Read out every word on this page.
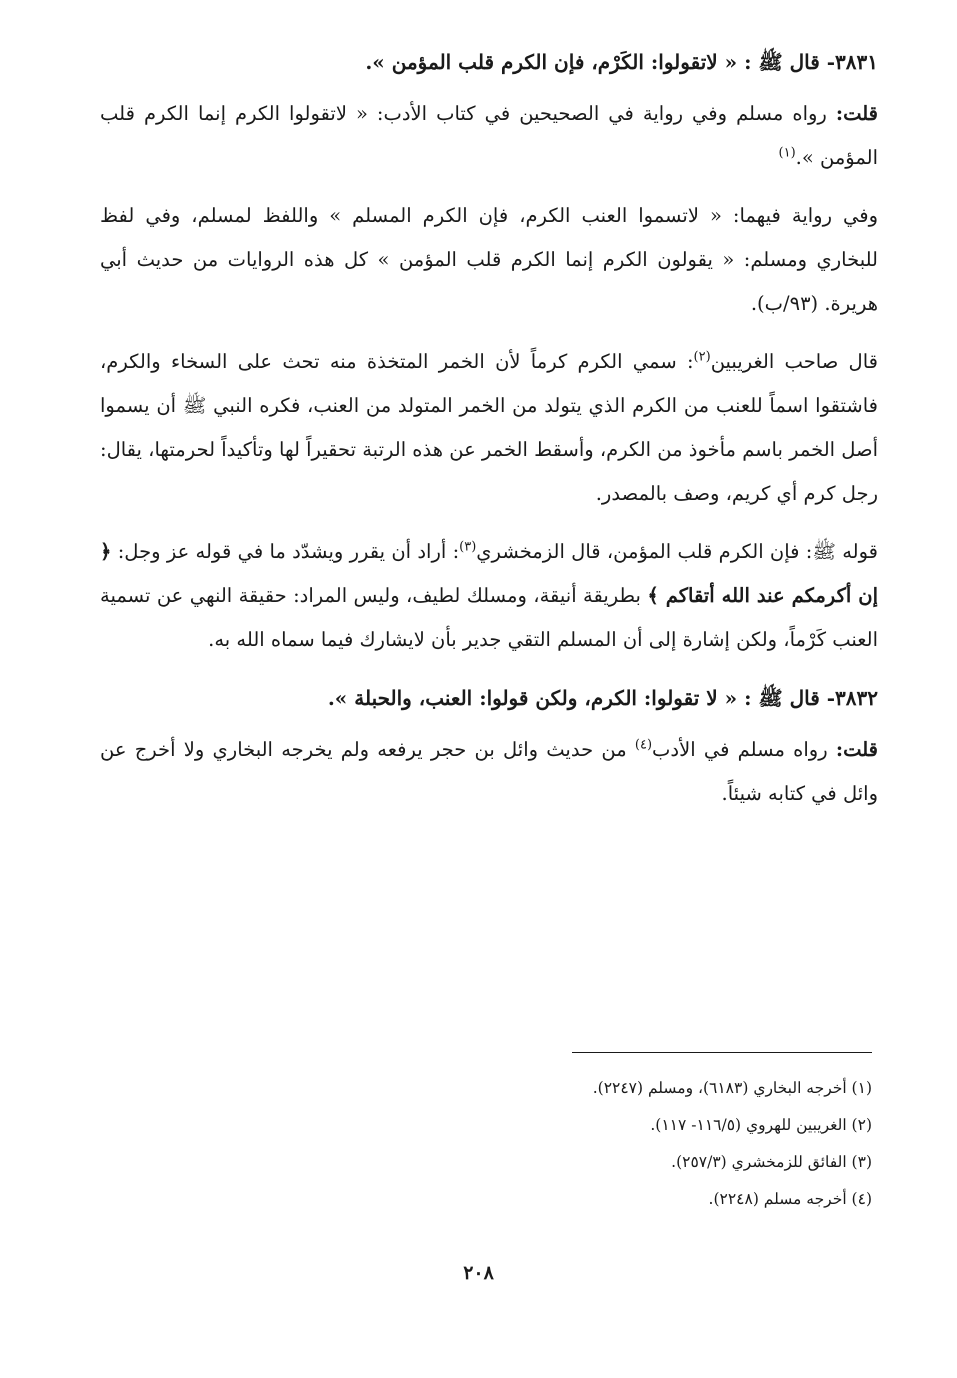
٣٨٣١- قال ﷺ : « لاتقولوا: الكَرْم، فإن الكرم قلب المؤمن ».
قلت: رواه مسلم وفي رواية في الصحيحين في كتاب الأدب: « لاتقولوا الكرم إنما الكرم قلب المؤمن ».$^{(١)}$
وفي رواية فيهما: « لاتسموا العنب الكرم، فإن الكرم المسلم » واللفظ لمسلم، وفي لفظ للبخاري ومسلم: « يقولون الكرم إنما الكرم قلب المؤمن » كل هذه الروايات من حديث أبي هريرة. (٩٣/ب).
قال صاحب الغريبين$^{(٢)}$: سمي الكرم كرماً لأن الخمر المتخذة منه تحث على السخاء والكرم، فاشتقوا اسماً للعنب من الكرم الذي يتولد من الخمر المتولد من العنب، فكره النبي ﷺ أن يسموا أصل الخمر باسم مأخوذ من الكرم، وأسقط الخمر عن هذه الرتبة تحقيراً لها وتأكيداً لحرمتها، يقال: رجل كرم أي كريم، وصف بالمصدر.
قوله ﷺ: فإن الكرم قلب المؤمن، قال الزمخشري$^{(٣)}$: أراد أن يقرر ويشدّد ما في قوله عز وجل: ﴿ إن أكرمكم عند الله أتقاكم ﴾ بطريقة أنيقة، ومسلك لطيف، وليس المراد: حقيقة النهي عن تسمية العنب كَرْماً، ولكن إشارة إلى أن المسلم التقي جدير بأن لايشارك فيما سماه الله به.
٣٨٣٢- قال ﷺ : « لا تقولوا: الكرم، ولكن قولوا: العنب، والحبلة ».
قلت: رواه مسلم في الأدب$^{(٤)}$ من حديث وائل بن حجر يرفعه ولم يخرجه البخاري ولا أخرج عن وائل في كتابه شيئاً.
(١) أخرجه البخاري (٦١٨٣)، ومسلم (٢٢٤٧).
(٢) الغريبين للهروي (١١٦/٥- ١١٧).
(٣) الفائق للزمخشري (٢٥٧/٣).
(٤) أخرجه مسلم (٢٢٤٨).
٢٠٨
